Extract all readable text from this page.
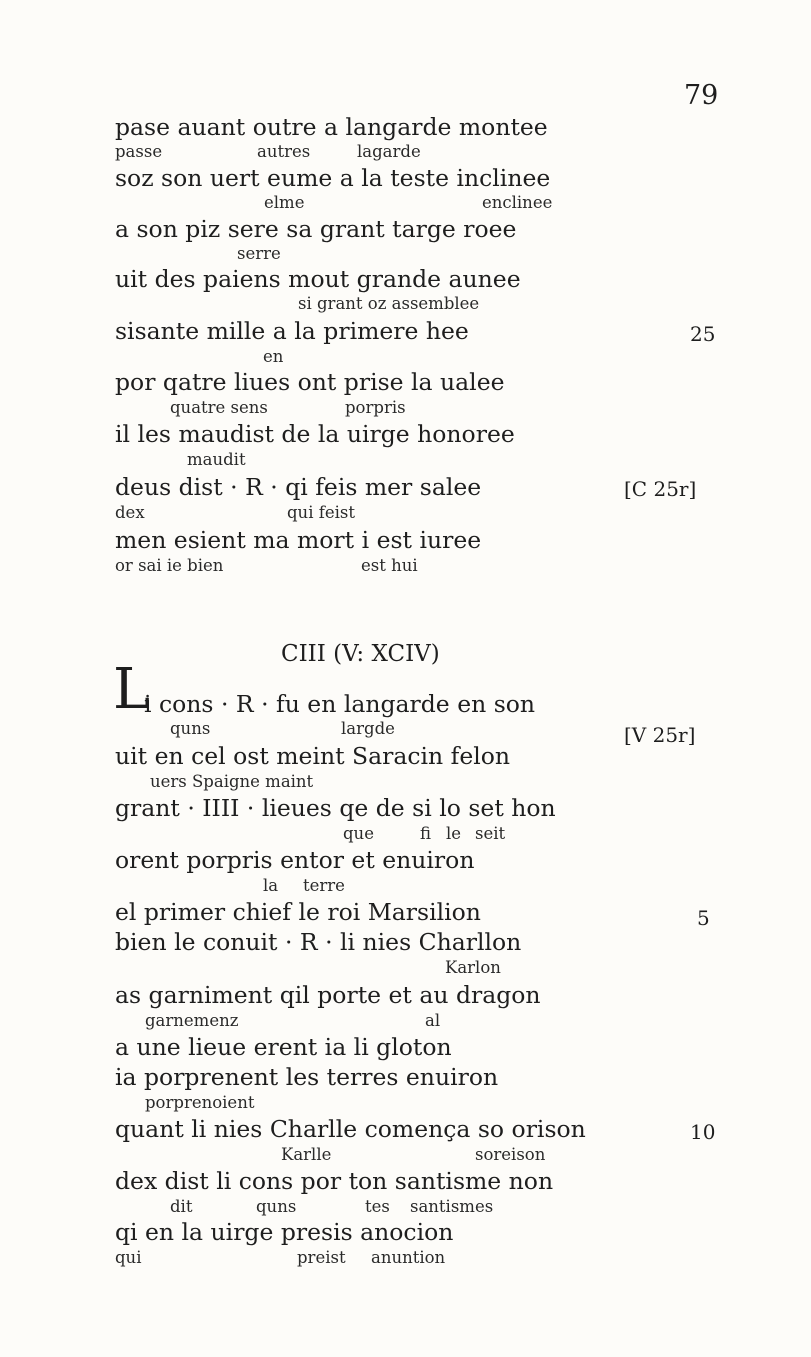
79
pase auant outre a langarde montee
passe	autres	lagarde
soz son uert eume a la teste inclinee
elme	enclinee
a son piz sere sa grant targe roee
serre
uit des paiens mout grande aunee
si grant oz assemblee
sisante mille a la primere hee	25
en
por qatre liues ont prise la ualee
quatre sens	porpris
il les maudist de la uirge honoree
maudit
deus dist · R · qi feis mer salee	[C 25r]
dex	qui feist
men esient ma mort i est iuree
or sai ie bien	est hui
CIII (V: XCIV)
L
i cons · R · fu en langarde en son
[V 25r]
quns	largde
uit en cel ost meint Saracin felon
uers Spaigne maint
grant · IIII · lieues qe de si lo set hon
que	fi le seit
orent porpris entor et enuiron
la terre
el primer chief le roi Marsilion	5
bien le conuit · R · li nies Charllon
Karlon
as garniment qil porte et au dragon
garnemenz	al
a une lieue erent ia li gloton
ia porprenent les terres enuiron
porprenoient
quant li nies Charlle comença so orison	10
Karlle	soreison
dex dist li cons por ton santisme non
dit	quns	tes santismes
qi en la uirge presis anocion
qui	preist anuntion
